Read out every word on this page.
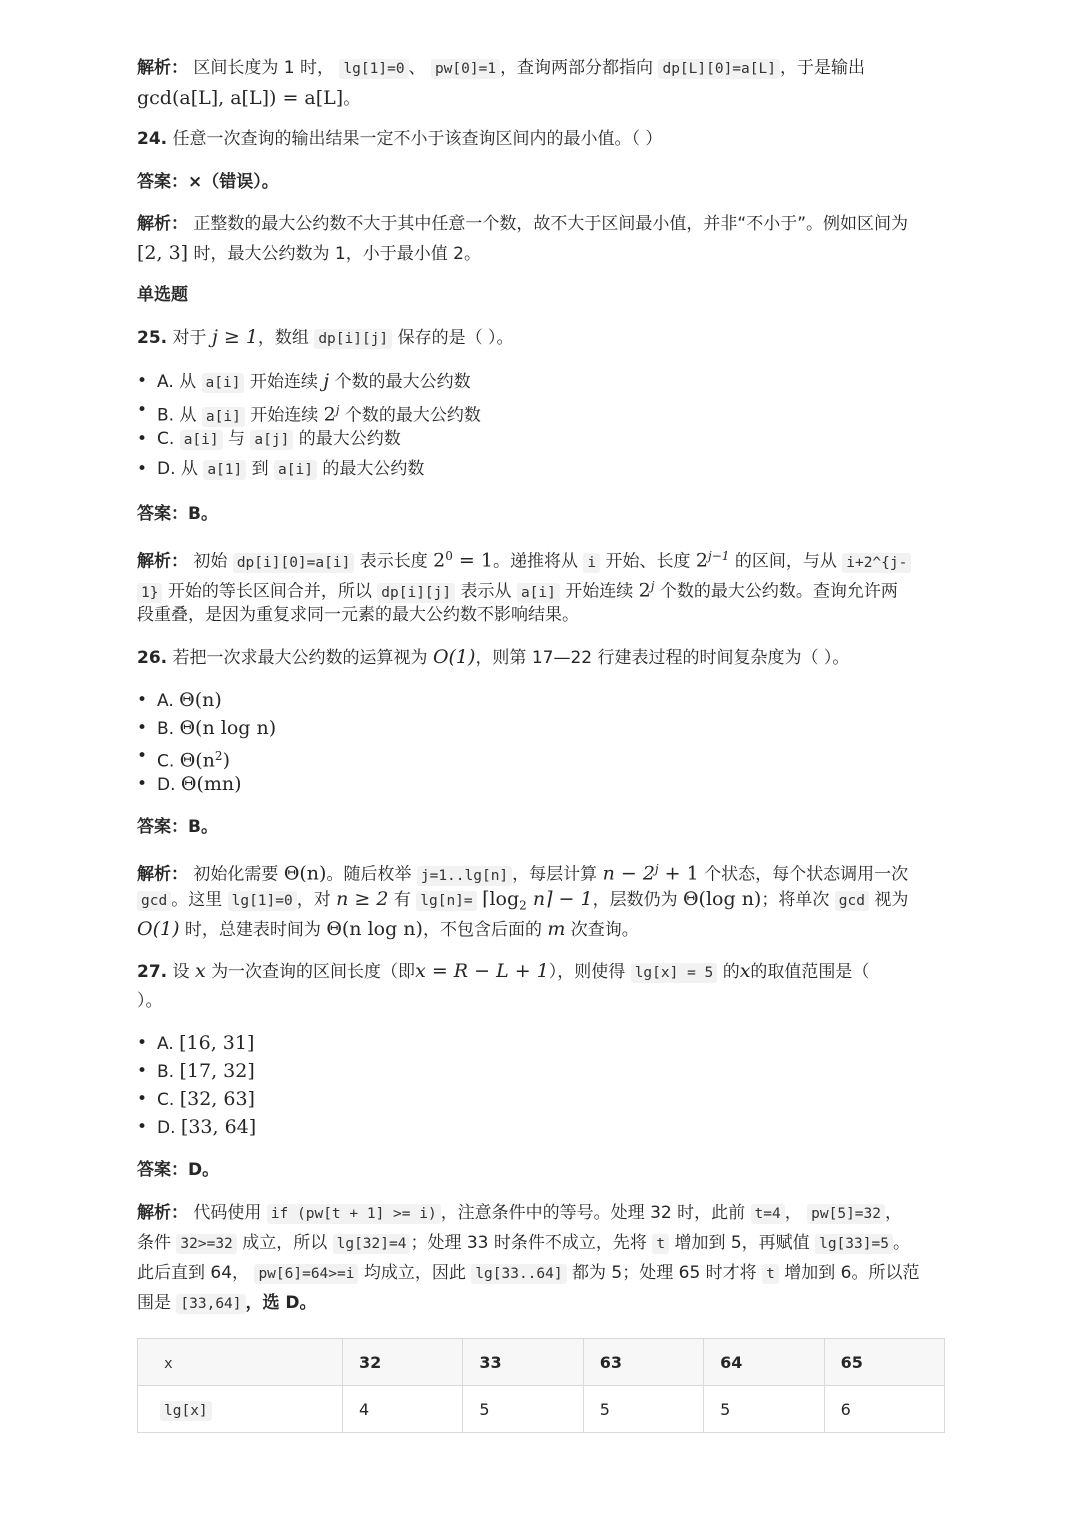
解析： 区间长度为 1 时， lg[1]=0 、 pw[0]=1 ，查询两部分都指向 dp[L][0]=a[L] ，于是输出
gcd(a[L], a[L]) = a[L]。
24. 任意一次查询的输出结果一定不小于该查询区间内的最小值。（ ）
答案：×（错误）。
解析： 正整数的最大公约数不大于其中任意一个数，故不大于区间最小值，并非“不小于”。例如区间为
[2, 3] 时，最大公约数为 1，小于最小值 2。
单选题
25. 对于 j ≥ 1，数组 dp[i][j] 保存的是（ ）。
• A. 从 a[i] 开始连续 j 个数的最大公约数
• B. 从 a[i] 开始连续 2$^j$ 个数的最大公约数
• C. a[i] 与 a[j] 的最大公约数
• D. 从 a[1] 到 a[i] 的最大公约数
答案：B。
解析： 初始 dp[i][0]=a[i] 表示长度 $2^0 = 1$。递推将从 i 开始、长度 $2^{j-1}$ 的区间，与从 i+2^{j-
1} 开始的等长区间合并，所以 dp[i][j] 表示从 a[i] 开始连续 2$^j$ 个数的最大公约数。查询允许两
段重叠，是因为重复求同一元素的最大公约数不影响结果。
26. 若把一次求最大公约数的运算视为 O(1)，则第 17—22 行建表过程的时间复杂度为（ ）。
• A. Θ(n)
• B. Θ(n log n)
• C. $\Theta(n^2)$
• D. Θ(mn)
答案：B。
解析： 初始化需要 Θ(n)。随后枚举 j=1..lg[n] ，每层计算 $n - 2^j + 1$ 个状态，每个状态调用一次
gcd 。这里 lg[1]=0 ，对 n ≥ 2 有 $\lg[n]= ⌈\log_2$ n⌉ − 1，层数仍为 Θ(log n)；将单次 gcd 视为
O(1) 时，总建表时间为 Θ(n log n)，不包含后面的 m 次查询。
27. 设 x 为一次查询的区间长度（即x = R − L + 1），则使得 lg[x] = 5 的x的取值范围是（
）。
• A. [16, 31]
• B. [17, 32]
• C. [32, 63]
• D. [33, 64]
答案：D。
解析： 代码使用 if (pw[t + 1] >= i) ，注意条件中的等号。处理 32 时，此前 t=4 ， pw[5]=32 ，
条件 32>=32 成立，所以 lg[32]=4 ；处理 33 时条件不成立，先将 t 增加到 5，再赋值 lg[33]=5 。
此后直到 64， pw[6]=64>=i 均成立，因此 lg[33..64] 都为 5；处理 65 时才将 t 增加到 6。所以范
围是 [33,64] ，选 D。
x	32	33	63	64	65
lg[x]	4	5	5	5	6
